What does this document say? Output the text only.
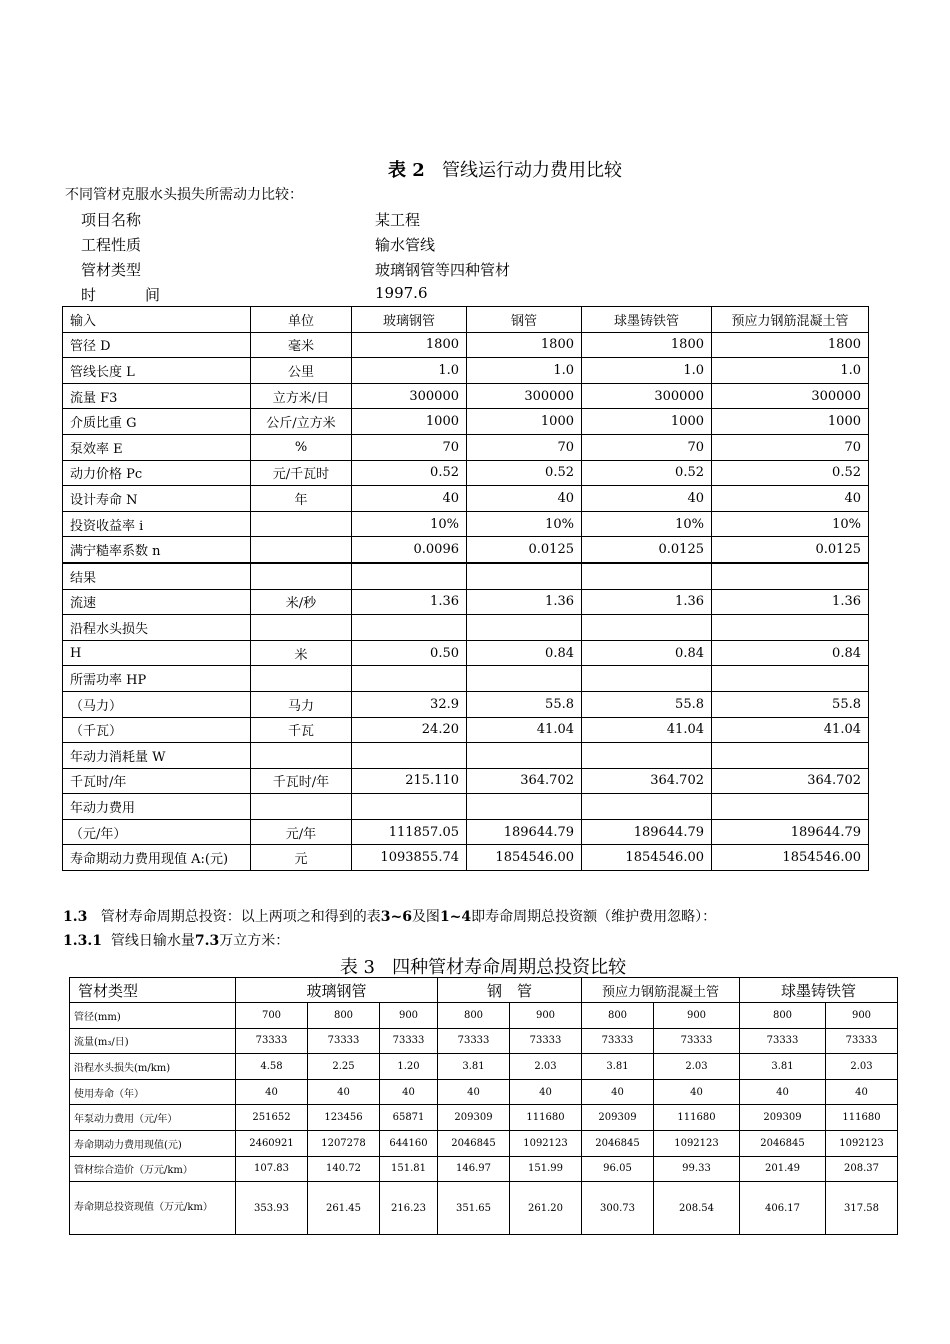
表 2 管线运行动力费用比较
不同管材克服水头损失所需动力比较：
项目名称	某工程
工程性质	输水管线
管材类型	玻璃钢管等四种管材
时	间	1997.6
输入	单位	玻璃钢管	钢管	球墨铸铁管	预应力钢筋混凝土管
管径 D	毫米	1800	1800	1800	1800
管线长度 L	公里	1.0	1.0	1.0	1.0
流量 F3	立方米/日	300000	300000	300000	300000
介质比重 G	公斤/立方米	1000	1000	1000	1000
泵效率 E	%	70	70	70	70
动力价格 Pc	元/千瓦时	0.52	0.52	0.52	0.52
设计寿命 N	年	40	40	40	40
投资收益率 i		10%	10%	10%	10%
满宁糙率系数 n		0.0096	0.0125	0.0125	0.0125
结果					
流速	米/秒	1.36	1.36	1.36	1.36
沿程水头损失					
H	米	0.50	0.84	0.84	0.84
所需功率 HP					
（马力）	马力	32.9	55.8	55.8	55.8
（千瓦）	千瓦	24.20	41.04	41.04	41.04
年动力消耗量 W					
千瓦时/年	千瓦时/年	215.110	364.702	364.702	364.702
年动力费用					
（元/年）	元/年	111857.05	189644.79	189644.79	189644.79
寿命期动力费用现值 A:(元)	元	1093855.74	1854546.00	1854546.00	1854546.00
1.3 管材寿命周期总投资：以上两项之和得到的表3~6及图1~4即寿命周期总投资额（维护费用忽略）：
1.3.1 管线日输水量7.3万立方米：
表 3 四种管材寿命周期总投资比较
管材类型	玻璃钢管			钢　管		预应力钢筋混凝土管		球墨铸铁管	
管径(mm)	700	800	900	800	900	800	900	800	900
流量(m₃/日)	73333	73333	73333	73333	73333	73333	73333	73333	73333
沿程水头损失(m/km)	4.58	2.25	1.20	3.81	2.03	3.81	2.03	3.81	2.03
使用寿命（年）	40	40	40	40	40	40	40	40	40
年泵动力费用（元/年）	251652	123456	65871	209309	111680	209309	111680	209309	111680
寿命期动力费用现值(元)	2460921	1207278	644160	2046845	1092123	2046845	1092123	2046845	1092123
管材综合造价（万元/km）	107.83	140.72	151.81	146.97	151.99	96.05	99.33	201.49	208.37
寿命期总投资现值（万元/km）	353.93	261.45	216.23	351.65	261.20	300.73	208.54	406.17	317.58
